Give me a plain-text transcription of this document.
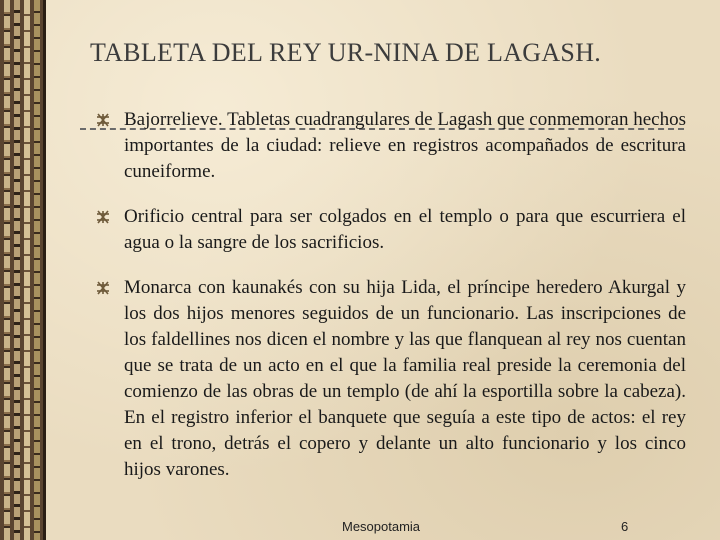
TABLETA DEL REY UR-NINA DE LAGASH.

Bajorrelieve. Tabletas cuadrangulares de Lagash que conmemoran hechos importantes de la ciudad: relieve en registros acompañados de escritura cuneiforme.

Orificio central para ser colgados en el templo o para que escurriera el agua o la sangre de los sacrificios.

Monarca con kaunakés con su hija Lida, el príncipe heredero Akurgal y los dos hijos menores seguidos de un funcionario. Las inscripciones de los faldellines nos dicen el nombre y las que flanquean al rey nos cuentan que se trata de un acto en el que la familia real preside la ceremonia del comienzo de las obras de un templo (de ahí la esportilla sobre la cabeza). En el registro inferior el banquete que seguía a este tipo de actos: el rey en el trono, detrás el copero y delante un alto funcionario y los cinco hijos varones.

Mesopotamia	6
